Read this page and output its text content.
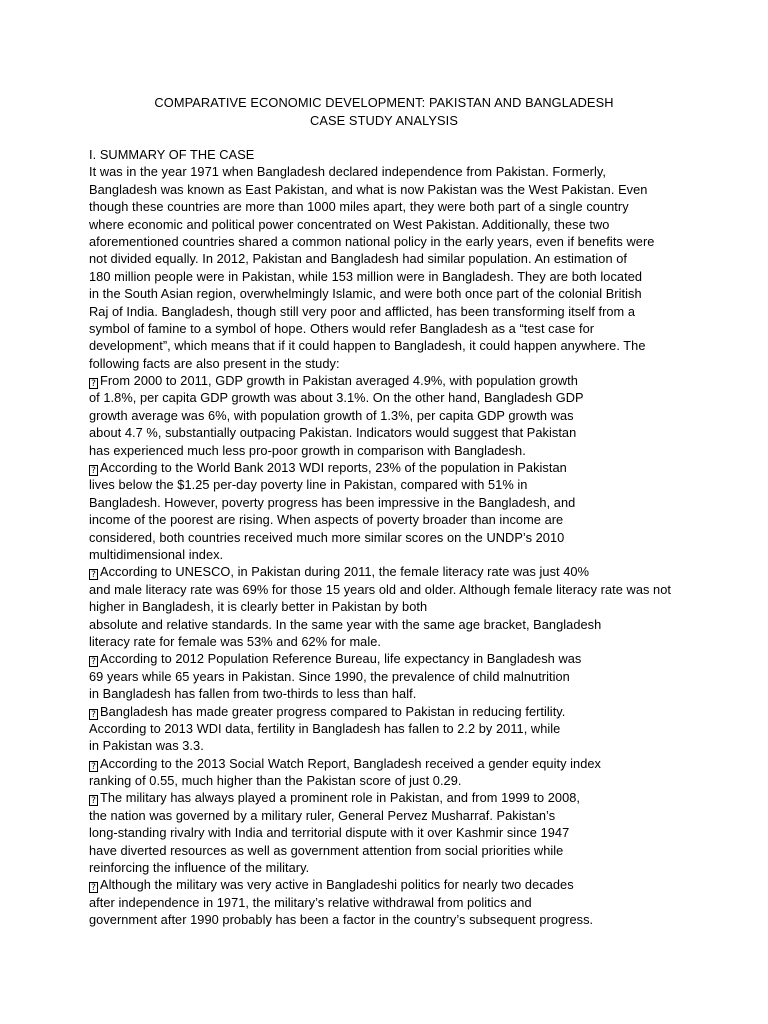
COMPARATIVE ECONOMIC DEVELOPMENT: PAKISTAN AND BANGLADESH
CASE STUDY ANALYSIS
I. SUMMARY OF THE CASE
It was in the year 1971 when Bangladesh declared independence from Pakistan. Formerly,
Bangladesh was known as East Pakistan, and what is now Pakistan was the West Pakistan. Even
though these countries are more than 1000 miles apart, they were both part of a single country
where economic and political power concentrated on West Pakistan. Additionally, these two
aforementioned countries shared a common national policy in the early years, even if benefits were
not divided equally. In 2012, Pakistan and Bangladesh had similar population. An estimation of
180 million people were in Pakistan, while 153 million were in Bangladesh. They are both located
in the South Asian region, overwhelmingly Islamic, and were both once part of the colonial British
Raj of India. Bangladesh, though still very poor and afflicted, has been transforming itself from a
symbol of famine to a symbol of hope. Others would refer Bangladesh as a “test case for
development”, which means that if it could happen to Bangladesh, it could happen anywhere. The
following facts are also present in the study:
? From 2000 to 2011, GDP growth in Pakistan averaged 4.9%, with population growth
of 1.8%, per capita GDP growth was about 3.1%. On the other hand, Bangladesh GDP
growth average was 6%, with population growth of 1.3%, per capita GDP growth was
about 4.7 %, substantially outpacing Pakistan. Indicators would suggest that Pakistan
has experienced much less pro-poor growth in comparison with Bangladesh.
? According to the World Bank 2013 WDI reports, 23% of the population in Pakistan
lives below the $1.25 per-day poverty line in Pakistan, compared with 51% in
Bangladesh. However, poverty progress has been impressive in the Bangladesh, and
income of the poorest are rising. When aspects of poverty broader than income are
considered, both countries received much more similar scores on the UNDP’s 2010
multidimensional index.
? According to UNESCO, in Pakistan during 2011, the female literacy rate was just 40%
and male literacy rate was 69% for those 15 years old and older. Although female literacy rate was not
higher in Bangladesh, it is clearly better in Pakistan by both
absolute and relative standards. In the same year with the same age bracket, Bangladesh
literacy rate for female was 53% and 62% for male.
? According to 2012 Population Reference Bureau, life expectancy in Bangladesh was
69 years while 65 years in Pakistan. Since 1990, the prevalence of child malnutrition
in Bangladesh has fallen from two-thirds to less than half.
? Bangladesh has made greater progress compared to Pakistan in reducing fertility.
According to 2013 WDI data, fertility in Bangladesh has fallen to 2.2 by 2011, while
in Pakistan was 3.3.
? According to the 2013 Social Watch Report, Bangladesh received a gender equity index
ranking of 0.55, much higher than the Pakistan score of just 0.29.
? The military has always played a prominent role in Pakistan, and from 1999 to 2008,
the nation was governed by a military ruler, General Pervez Musharraf. Pakistan’s
long-standing rivalry with India and territorial dispute with it over Kashmir since 1947
have diverted resources as well as government attention from social priorities while
reinforcing the influence of the military.
? Although the military was very active in Bangladeshi politics for nearly two decades
after independence in 1971, the military’s relative withdrawal from politics and
government after 1990 probably has been a factor in the country’s subsequent progress.
